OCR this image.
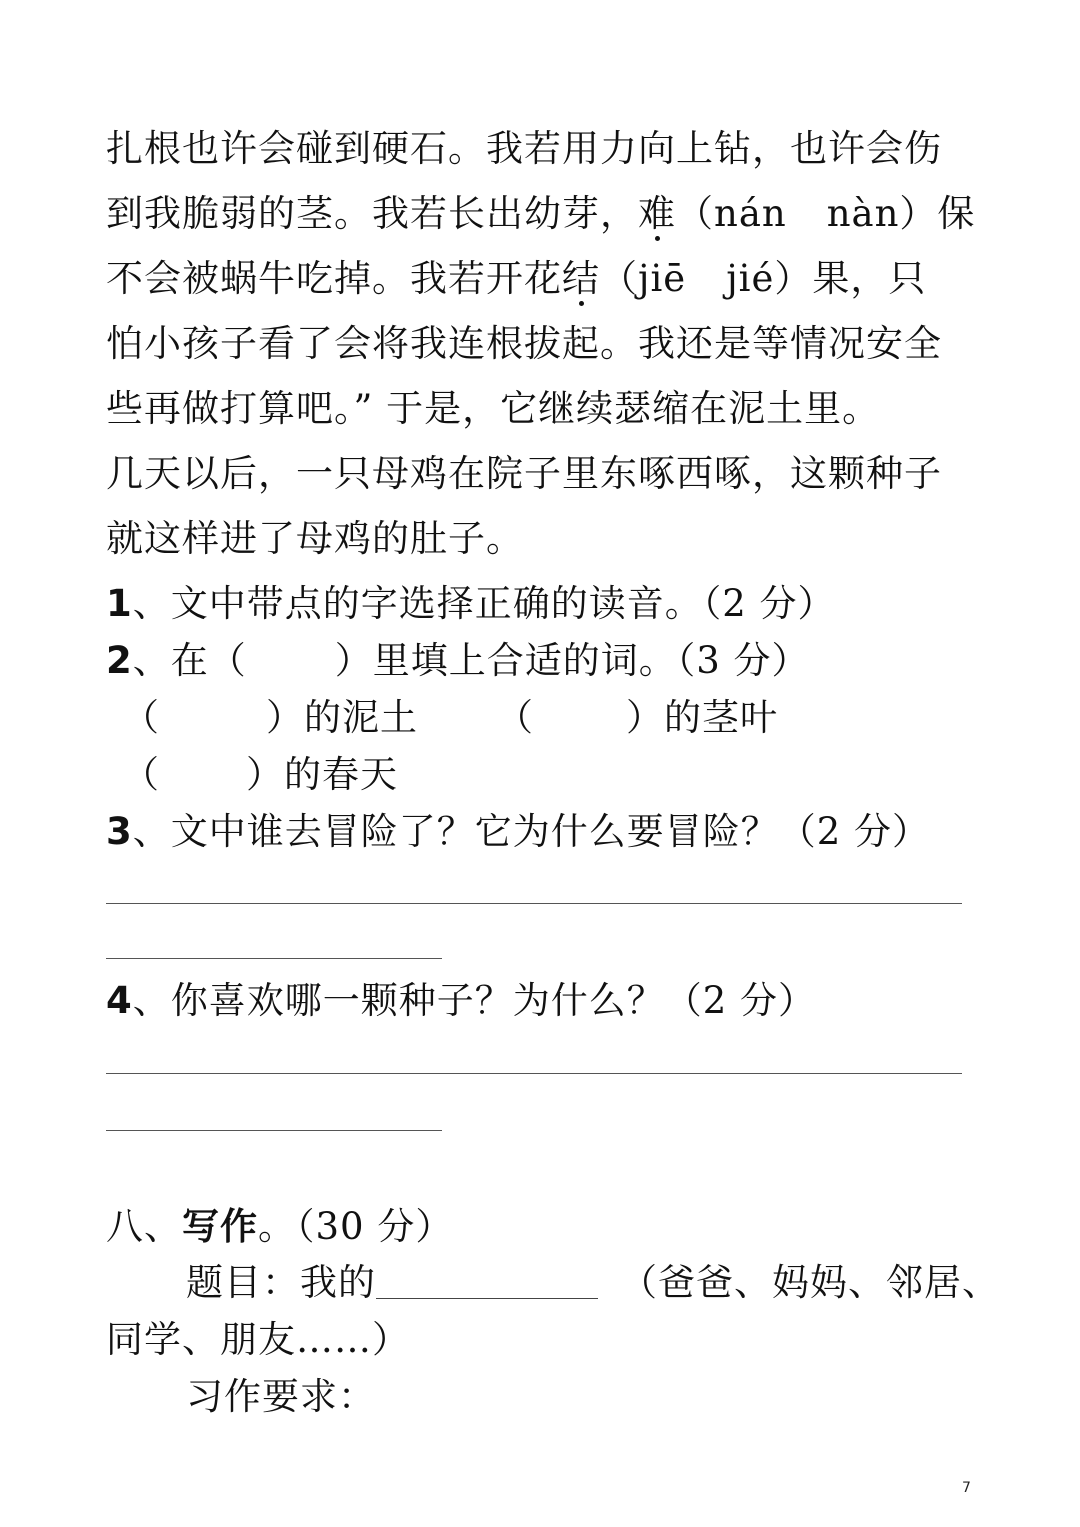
扎根也许会碰到硬石。我若用力向上钻，也许会伤
到我脆弱的茎。我若长出幼芽，难（nán nàn）保
不会被蜗牛吃掉。我若开花结（jiē jié）果，只
怕小孩子看了会将我连根拔起。我还是等情况安全
些再做打算吧。” 于是，它继续瑟缩在泥土里。
几天以后，一只母鸡在院子里东啄西啄，这颗种子
就这样进了母鸡的肚子。
1、文中带点的字选择正确的读音。（2 分）
2、在（ ）里填上合适的词。（3 分）
（	）的泥土 （ ）的茎叶
（ ）的春天
3、文中谁去冒险了？它为什么要冒险？（2 分）
4、你喜欢哪一颗种子？为什么？（2 分）
八、写作。（30 分）
题目：我的	（爸爸、妈妈、邻居、
同学、朋友……）
习作要求：
7
